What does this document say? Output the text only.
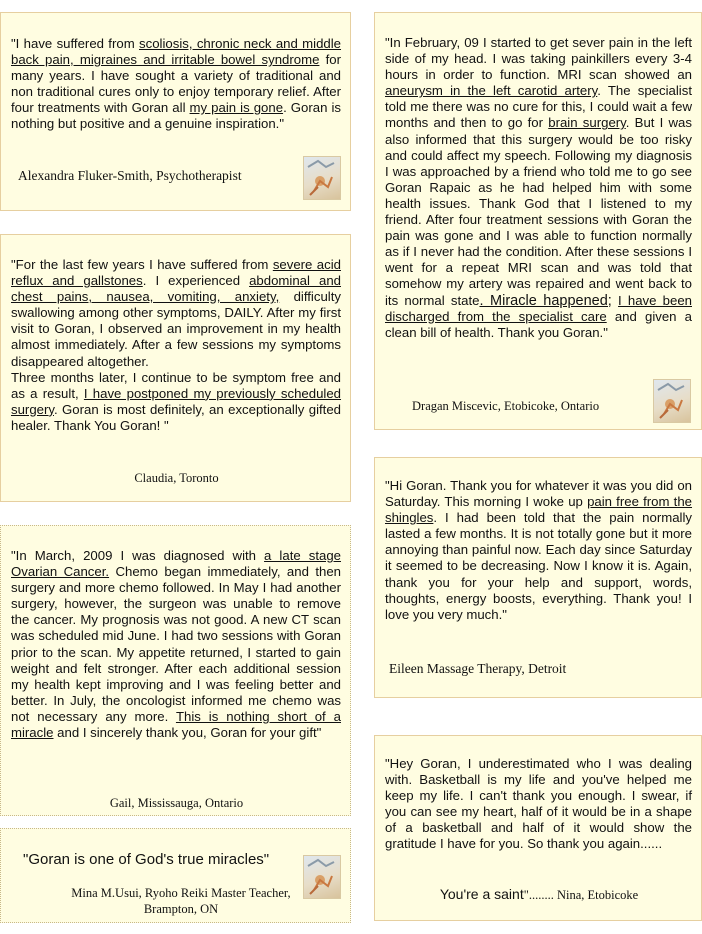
"I have suffered from scoliosis, chronic neck and middle back pain, migraines and irritable bowel syndrome for many years. I have sought a variety of traditional and non traditional cures only to enjoy temporary relief. After four treatments with Goran all my pain is gone. Goran is nothing but positive and a genuine inspiration."
Alexandra Fluker-Smith, Psychotherapist
"For the last few years I have suffered from severe acid reflux and gallstones. I experienced abdominal and chest pains, nausea, vomiting, anxiety, difficulty swallowing among other symptoms, DAILY. After my first visit to Goran, I observed an improvement in my health almost immediately. After a few sessions my symptoms disappeared altogether.
Three months later, I continue to be symptom free and as a result, I have postponed my previously scheduled surgery. Goran is most definitely, an exceptionally gifted healer. Thank You Goran! "
Claudia, Toronto
"In March, 2009 I was diagnosed with a late stage Ovarian Cancer. Chemo began immediately, and then surgery and more chemo followed. In May I had another surgery, however, the surgeon was unable to remove the cancer. My prognosis was not good. A new CT scan was scheduled mid June. I had two sessions with Goran prior to the scan. My appetite returned, I started to gain weight and felt stronger. After each additional session my health kept improving and I was feeling better and better. In July, the oncologist informed me chemo was not necessary any more. This is nothing short of a miracle and I sincerely thank you, Goran for your gift"
Gail, Mississauga, Ontario
"Goran is one of God's true miracles"
Mina M.Usui, Ryoho Reiki Master Teacher, Brampton, ON
"In February, 09 I started to get sever pain in the left side of my head. I was taking painkillers every 3-4 hours in order to function. MRI scan showed an aneurysm in the left carotid artery. The specialist told me there was no cure for this, I could wait a few months and then to go for brain surgery. But I was also informed that this surgery would be too risky and could affect my speech. Following my diagnosis I was approached by a friend who told me to go see Goran Rapaic as he had helped him with some health issues. Thank God that I listened to my friend. After four treatment sessions with Goran the pain was gone and I was able to function normally as if I never had the condition. After these sessions I went for a repeat MRI scan and was told that somehow my artery was repaired and went back to its normal state. Miracle happened; I have been discharged from the specialist care and given a clean bill of health. Thank you Goran."
Dragan Miscevic, Etobicoke, Ontario
"Hi Goran. Thank you for whatever it was you did on Saturday. This morning I woke up pain free from the shingles. I had been told that the pain normally lasted a few months. It is not totally gone but it more annoying than painful now. Each day since Saturday it seemed to be decreasing. Now I know it is. Again, thank you for your help and support, words, thoughts, energy boosts, everything. Thank you! I love you very much."
Eileen Massage Therapy, Detroit
"Hey Goran, I underestimated who I was dealing with. Basketball is my life and you've helped me keep my life. I can't thank you enough. I swear, if you can see my heart, half of it would be in a shape of a basketball and half of it would show the gratitude I have for you. So thank you again......
You're a saint"........ Nina, Etobicoke
